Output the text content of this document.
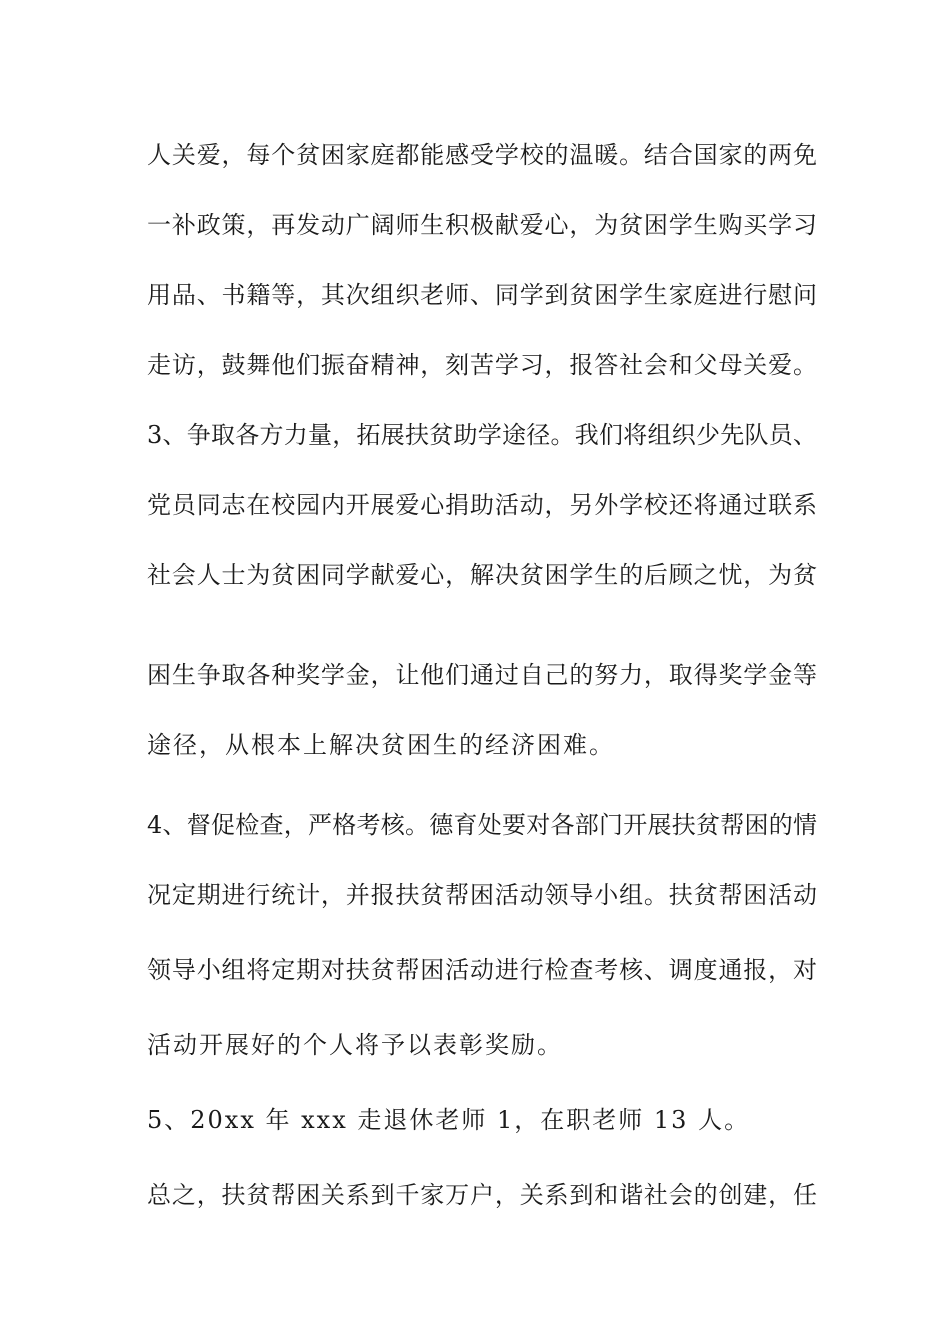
人关爱，每个贫困家庭都能感受学校的温暖。结合国家的两免
一补政策，再发动广阔师生积极献爱心，为贫困学生购买学习
用品、书籍等，其次组织老师、同学到贫困学生家庭进行慰问
走访，鼓舞他们振奋精神，刻苦学习，报答社会和父母关爱。
3、争取各方力量，拓展扶贫助学途径。我们将组织少先队员、
党员同志在校园内开展爱心捐助活动，另外学校还将通过联系
社会人士为贫困同学献爱心，解决贫困学生的后顾之忧，为贫
困生争取各种奖学金，让他们通过自己的努力，取得奖学金等
途径，从根本上解决贫困生的经济困难。
4、督促检查，严格考核。德育处要对各部门开展扶贫帮困的情
况定期进行统计，并报扶贫帮困活动领导小组。扶贫帮困活动
领导小组将定期对扶贫帮困活动进行检查考核、调度通报，对
活动开展好的个人将予以表彰奖励。
5、20xx 年 xxx 走退休老师 1，在职老师 13 人。
总之，扶贫帮困关系到千家万户，关系到和谐社会的创建，任
